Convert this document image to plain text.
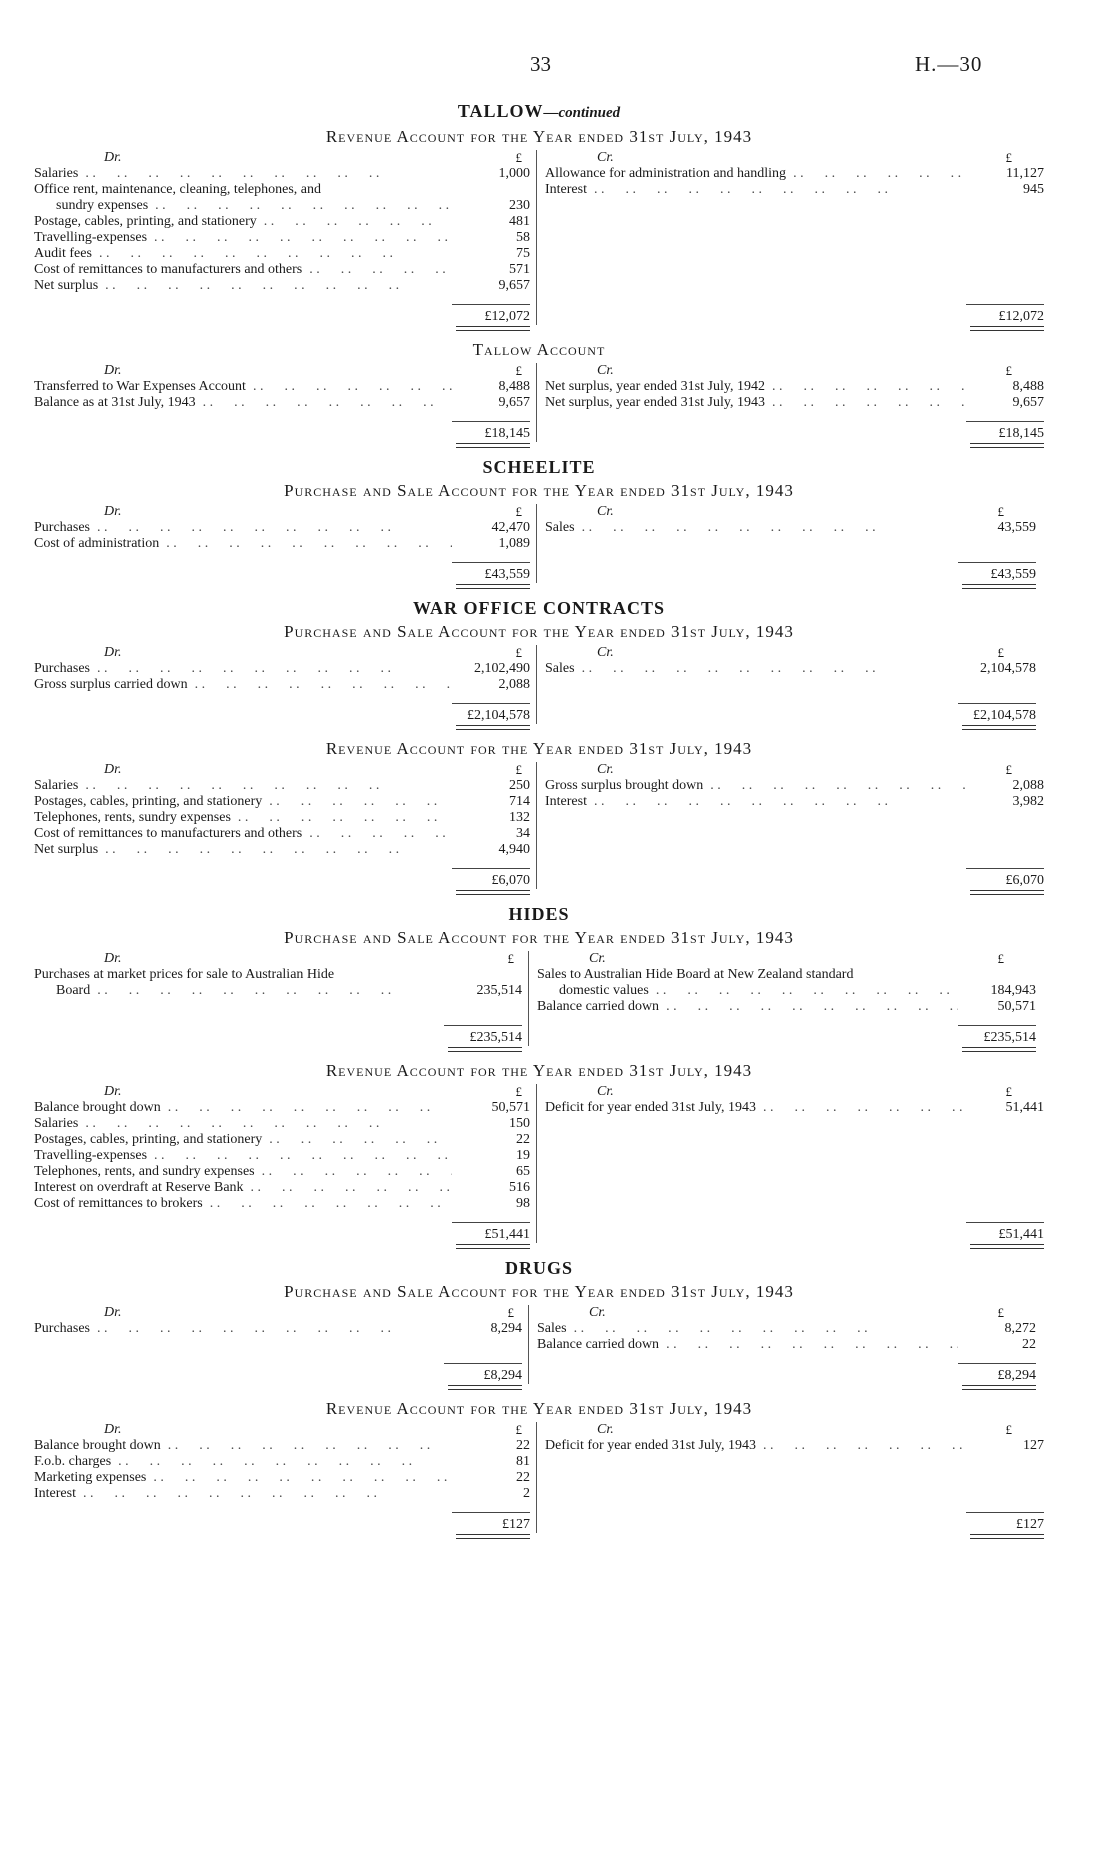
33	H.—30
TALLOW—continued
Revenue Account for the Year ended 31st July, 1943
Dr.	£
Salaries . .	1,000
Office rent, maintenance, cleaning, telephones, and
sundry expenses . .	230
Postage, cables, printing, and stationery . .	481
Travelling-expenses . .	58
Audit fees . .	75
Cost of remittances to manufacturers and others . .	571
Net surplus . .	9,657
£12,072
Cr.	£
Allowance for administration and handling . .	11,127
Interest . .	945
£12,072
Tallow Account
Dr.	£
Transferred to War Expenses Account . .	8,488
Balance as at 31st July, 1943 . .	9,657
£18,145
Cr.	£
Net surplus, year ended 31st July, 1942 . .	8,488
Net surplus, year ended 31st July, 1943 . .	9,657
£18,145
SCHEELITE
Purchase and Sale Account for the Year ended 31st July, 1943
Dr.	£
Purchases . .	42,470
Cost of administration . .	1,089
£43,559
Cr.	£
Sales . .	43,559
£43,559
WAR OFFICE CONTRACTS
Purchase and Sale Account for the Year ended 31st July, 1943
Dr.	£
Purchases . .	2,102,490
Gross surplus carried down . .	2,088
£2,104,578
Cr.	£
Sales . .	2,104,578
£2,104,578
Revenue Account for the Year ended 31st July, 1943
Dr.	£
Salaries . .	250
Postages, cables, printing, and stationery . .	714
Telephones, rents, sundry expenses . .	132
Cost of remittances to manufacturers and others . .	34
Net surplus . .	4,940
£6,070
Cr.	£
Gross surplus brought down . .	2,088
Interest . .	3,982
£6,070
HIDES
Purchase and Sale Account for the Year ended 31st July, 1943
Dr.	£
Purchases at market prices for sale to Australian Hide
Board . .	235,514
£235,514
Cr.	£
Sales to Australian Hide Board at New Zealand standard
domestic values . .	184,943
Balance carried down . .	50,571
£235,514
Revenue Account for the Year ended 31st July, 1943
Dr.	£
Balance brought down . .	50,571
Salaries . .	150
Postages, cables, printing, and stationery . .	22
Travelling-expenses . .	19
Telephones, rents, and sundry expenses . .	65
Interest on overdraft at Reserve Bank . .	516
Cost of remittances to brokers . .	98
£51,441
Cr.	£
Deficit for year ended 31st July, 1943 . .	51,441
£51,441
DRUGS
Purchase and Sale Account for the Year ended 31st July, 1943
Dr.	£
Purchases . .	8,294
£8,294
Cr.	£
Sales . .	8,272
Balance carried down . .	22
£8,294
Revenue Account for the Year ended 31st July, 1943
Dr.	£
Balance brought down . .	22
F.o.b. charges . .	81
Marketing expenses . .	22
Interest . .	2
£127
Cr.	£
Deficit for year ended 31st July, 1943 . .	127
£127
